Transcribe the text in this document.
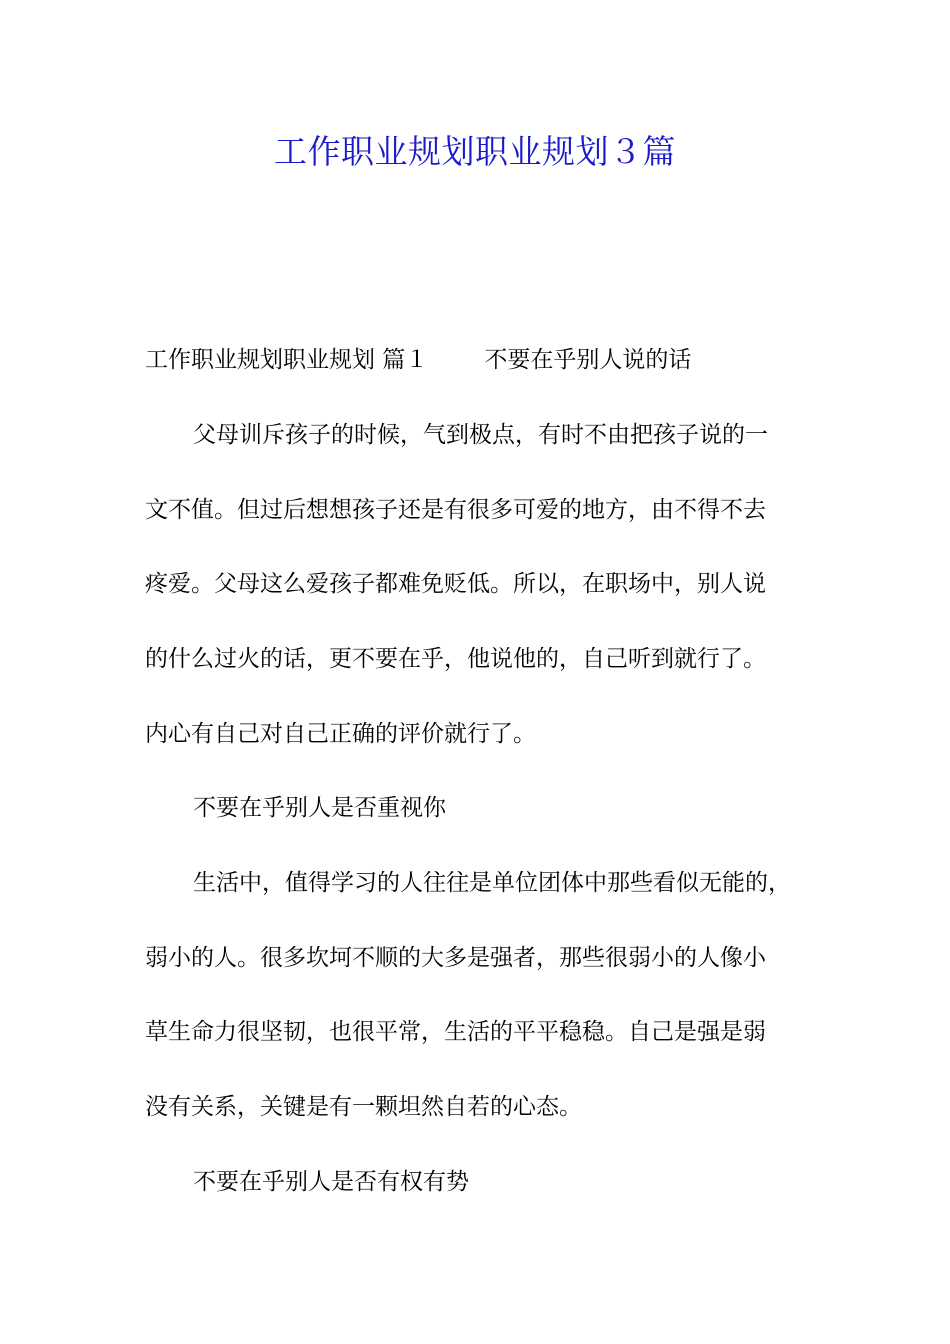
工作职业规划职业规划３篇
工作职业规划职业规划 篇１ 不要在乎别人说的话
父母训斥孩子的时候，气到极点，有时不由把孩子说的一
文不值。但过后想想孩子还是有很多可爱的地方，由不得不去
疼爱。父母这么爱孩子都难免贬低。所以，在职场中，别人说
的什么过火的话，更不要在乎，他说他的，自己听到就行了。
内心有自己对自己正确的评价就行了。
不要在乎别人是否重视你
生活中，值得学习的人往往是单位团体中那些看似无能的，
弱小的人。很多坎坷不顺的大多是强者，那些很弱小的人像小
草生命力很坚韧，也很平常，生活的平平稳稳。自己是强是弱
没有关系，关键是有一颗坦然自若的心态。
不要在乎别人是否有权有势
